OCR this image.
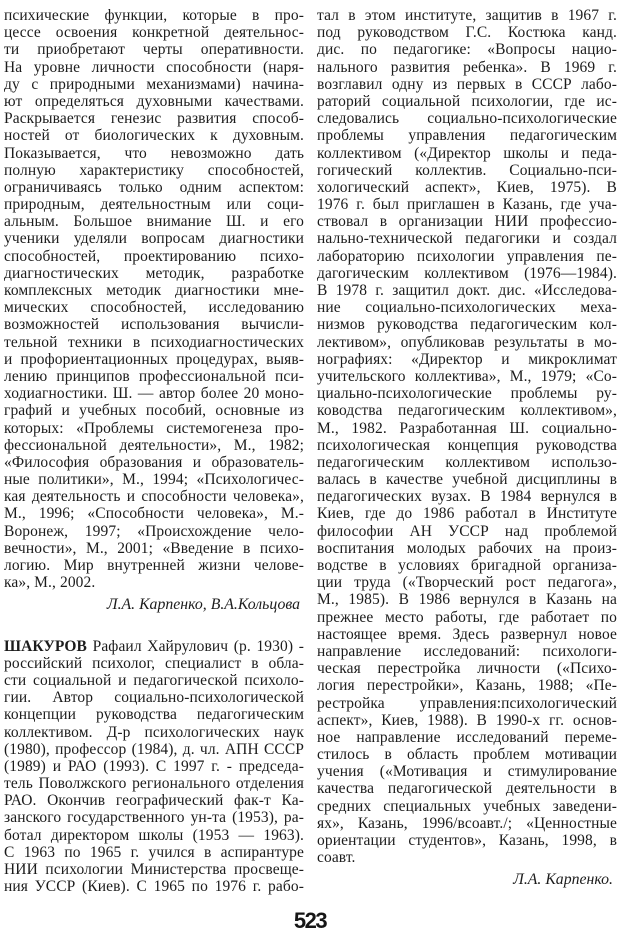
психические функции, которые в про-
цессе освоения конкретной деятельнос-
ти приобретают черты оперативности.
На уровне личности способности (наря-
ду с природными механизмами) начина-
ют определяться духовными качествами.
Раскрывается генезис развития способ-
ностей от биологических к духовным.
Показывается, что невозможно дать
полную характеристику способностей,
ограничиваясь только одним аспектом:
природным, деятельностным или соци-
альным. Большое внимание Ш. и его
ученики уделяли вопросам диагностики
способностей, проектированию психо-
диагностических методик, разработке
комплексных методик диагностики мне-
мических способностей, исследованию
возможностей использования вычисли-
тельной техники в психодиагностических
и профориентационных процедурах, выяв-
лению принципов профессиональной пси-
ходиагностики. Ш. — автор более 20 моно-
графий и учебных пособий, основные из
которых: «Проблемы системогенеза про-
фессиональной деятельности», М., 1982;
«Философия образования и образователь-
ные политики», М., 1994; «Психологичес-
кая деятельность и способности человека»,
М., 1996; «Способности человека», М.-
Воронеж, 1997; «Происхождение чело-
вечности», М., 2001; «Введение в психо-
логию. Мир внутренней жизни челове-
ка», М., 2002.
Л.А. Карпенко, В.А.Кольцова
ШАКУРОВ Рафаил Хайрулович (р. 1930) -
российский психолог, специалист в обла-
сти социальной и педагогической психоло-
гии. Автор социально-психологической
концепции руководства педагогическим
коллективом. Д-р психологических наук
(1980), профессор (1984), д. чл. АПН СССР
(1989) и РАО (1993). С 1997 г. - председа-
тель Поволжского регионального отделения
РАО. Окончив географический фак-т Ка-
занского государственного ун-та (1953), ра-
ботал директором школы (1953 — 1963).
С 1963 по 1965 г. учился в аспирантуре
НИИ психологии Министерства просвеще-
ния УССР (Киев). С 1965 по 1976 г. рабо-
тал в этом институте, защитив в 1967 г.
под руководством Г.С. Костюка канд.
дис. по педагогике: «Вопросы нацио-
нального развития ребенка». В 1969 г.
возглавил одну из первых в СССР лабо-
раторий социальной психологии, где ис-
следовались социально-психологические
проблемы управления педагогическим
коллективом («Директор школы и педа-
гогический коллектив. Социально-пси-
хологический аспект», Киев, 1975). В
1976 г. был приглашен в Казань, где уча-
ствовал в организации НИИ профессио-
нально-технической педагогики и создал
лабораторию психологии управления пе-
дагогическим коллективом (1976—1984).
В 1978 г. защитил докт. дис. «Исследова-
ние социально-психологических меха-
низмов руководства педагогическим кол-
лективом», опубликовав результаты в мо-
нографиях: «Директор и микроклимат
учительского коллектива», М., 1979; «Со-
циально-психологические проблемы ру-
ководства педагогическим коллективом»,
М., 1982. Разработанная Ш. социально-
психологическая концепция руководства
педагогическим коллективом использо-
валась в качестве учебной дисциплины в
педагогических вузах. В 1984 вернулся в
Киев, где до 1986 работал в Институте
философии АН УССР над проблемой
воспитания молодых рабочих на произ-
водстве в условиях бригадной организа-
ции труда («Творческий рост педагога»,
М., 1985). В 1986 вернулся в Казань на
прежнее место работы, где работает по
настоящее время. Здесь развернул новое
направление исследований: психологи-
ческая перестройка личности («Психо-
логия перестройки», Казань, 1988; «Пе-
рестройка управления:психологический
аспект», Киев, 1988). В 1990-х гг. основ-
ное направление исследований переме-
стилось в область проблем мотивации
учения («Мотивация и стимулирование
качества педагогической деятельности в
средних специальных учебных заведени-
ях», Казань, 1996/всоавт./; «Ценностные
ориентации студентов», Казань, 1998, в
соавт.
Л.А. Карпенко.
523
